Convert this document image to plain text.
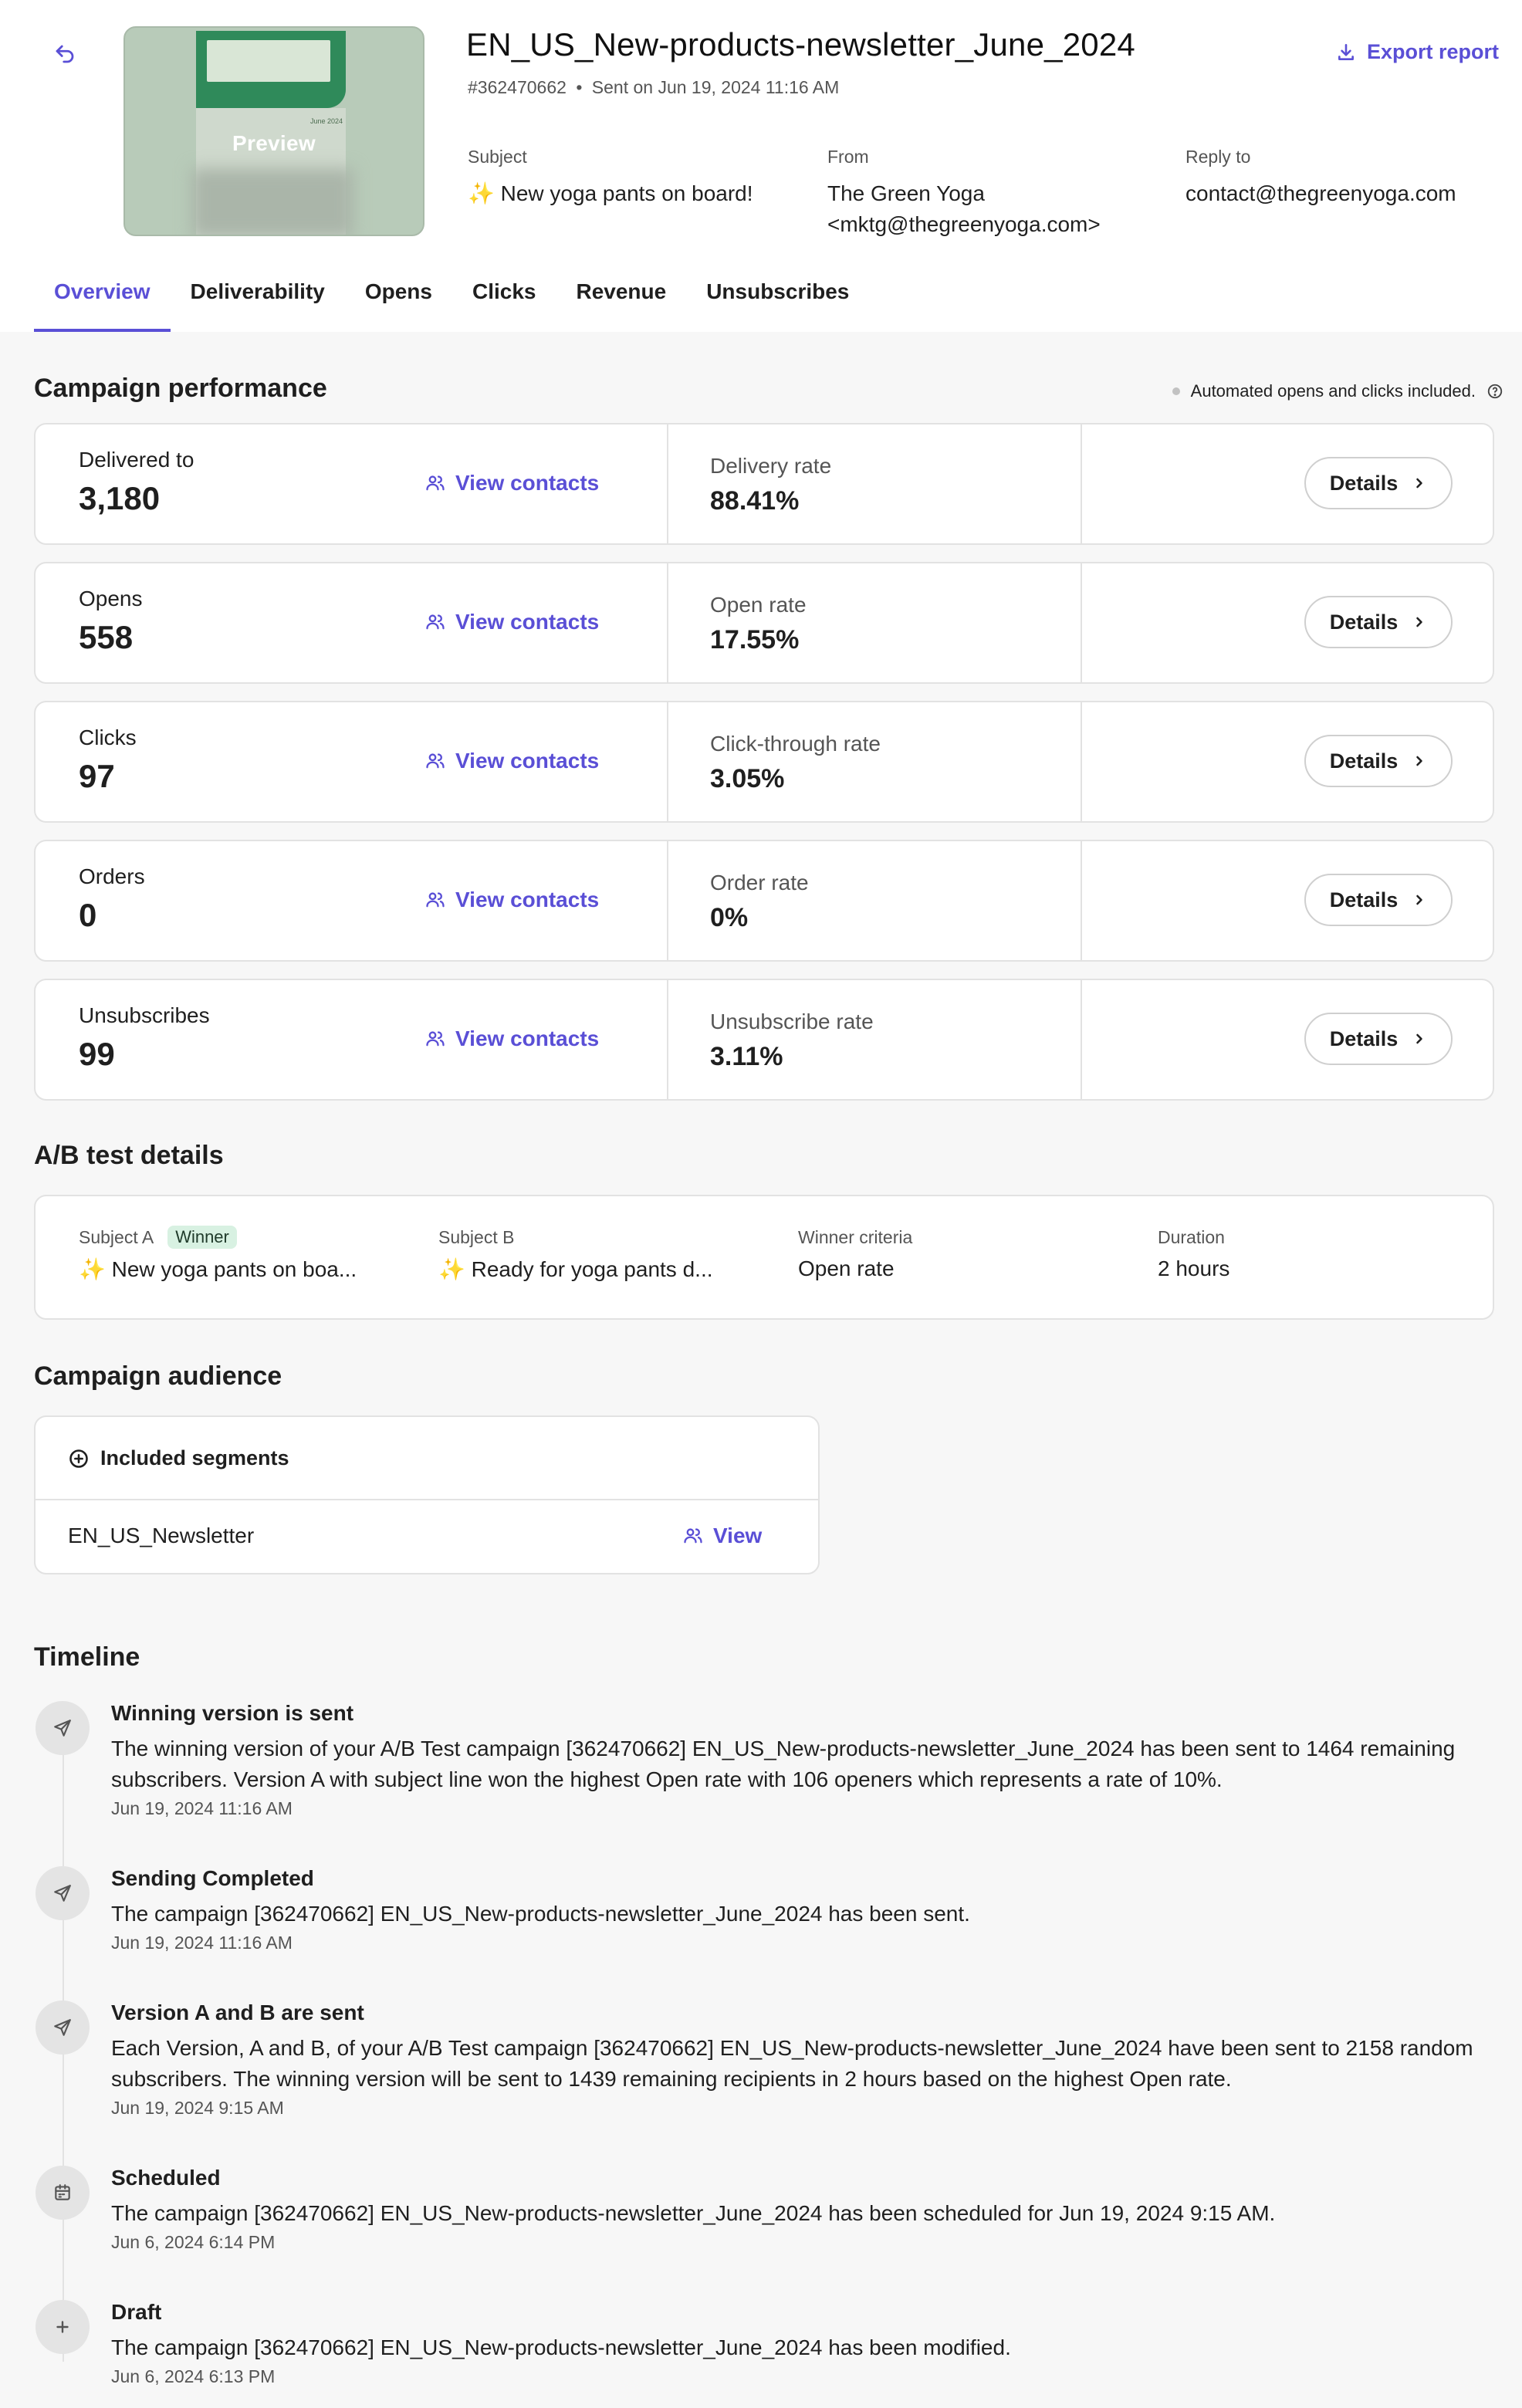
June 2024
Preview
EN_US_New-products-newsletter_June_2024
#362470662 • Sent on Jun 19, 2024 11:16 AM
Export report
Subject
✨ New yoga pants on board!
From
The Green Yoga
<mktg@thegreenyoga.com>
Reply to
contact@thegreenyoga.com
Overview	Deliverability	Opens	Clicks	Revenue	Unsubscribes
Campaign performance	Automated opens and clicks included.
Delivered to
3,180	View contacts
Delivery rate
88.41%
Details
Opens
558	View contacts
Open rate
17.55%
Details
Clicks
97	View contacts
Click-through rate
3.05%
Details
Orders
0	View contacts
Order rate
0%
Details
Unsubscribes
99	View contacts
Unsubscribe rate
3.11%
Details
A/B test details
Subject A	Winner
✨ New yoga pants on boa...
Subject B
✨ Ready for yoga pants d...
Winner criteria
Open rate
Duration
2 hours
Campaign audience
Included segments
EN_US_Newsletter	View
Timeline
Winning version is sent
The winning version of your A/B Test campaign [362470662] EN_US_New-products-newsletter_June_2024 has been sent to 1464 remaining subscribers. Version A with subject line won the highest Open rate with 106 openers which represents a rate of 10%.
Jun 19, 2024 11:16 AM
Sending Completed
The campaign [362470662] EN_US_New-products-newsletter_June_2024 has been sent.
Jun 19, 2024 11:16 AM
Version A and B are sent
Each Version, A and B, of your A/B Test campaign [362470662] EN_US_New-products-newsletter_June_2024 have been sent to 2158 random subscribers. The winning version will be sent to 1439 remaining recipients in 2 hours based on the highest Open rate.
Jun 19, 2024 9:15 AM
Scheduled
The campaign [362470662] EN_US_New-products-newsletter_June_2024 has been scheduled for Jun 19, 2024 9:15 AM.
Jun 6, 2024 6:14 PM
Draft
The campaign [362470662] EN_US_New-products-newsletter_June_2024 has been modified.
Jun 6, 2024 6:13 PM
